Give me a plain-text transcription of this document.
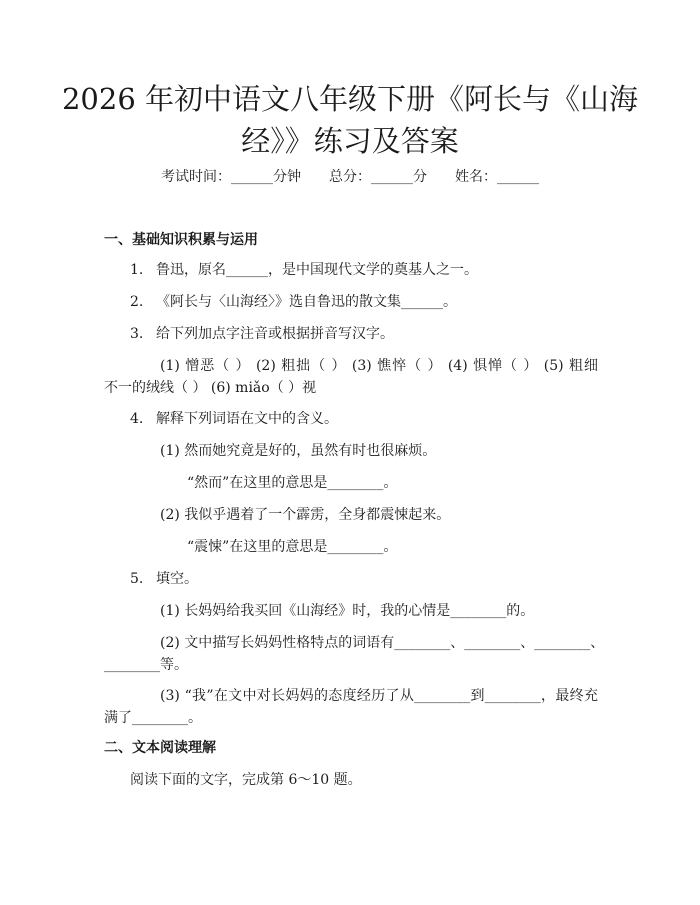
2026 年初中语文八年级下册《阿长与《山海
经》》练习及答案
考试时间：______分钟 总分：______分 姓名：______
一、基础知识积累与运用
1. 鲁迅，原名______，是中国现代文学的奠基人之一。
2. 《阿长与〈山海经〉》选自鲁迅的散文集______。
3. 给下列加点字注音或根据拼音写汉字。
(1) 憎恶（ ） (2) 粗拙（ ） (3) 憔悴（ ） (4) 惧惮（ ） (5) 粗细
不一的绒线（ ） (6) miǎo（ ）视
4. 解释下列词语在文中的含义。
(1) 然而她究竟是好的，虽然有时也很麻烦。
“然而”在这里的意思是________。
(2) 我似乎遇着了一个霹雳，全身都震悚起来。
“震悚”在这里的意思是________。
5. 填空。
(1) 长妈妈给我买回《山海经》时，我的心情是________的。
(2) 文中描写长妈妈性格特点的词语有________、________、________、
________等。
(3) “我”在文中对长妈妈的态度经历了从________到________，最终充
满了________。
二、文本阅读理解
阅读下面的文字，完成第 6～10 题。
